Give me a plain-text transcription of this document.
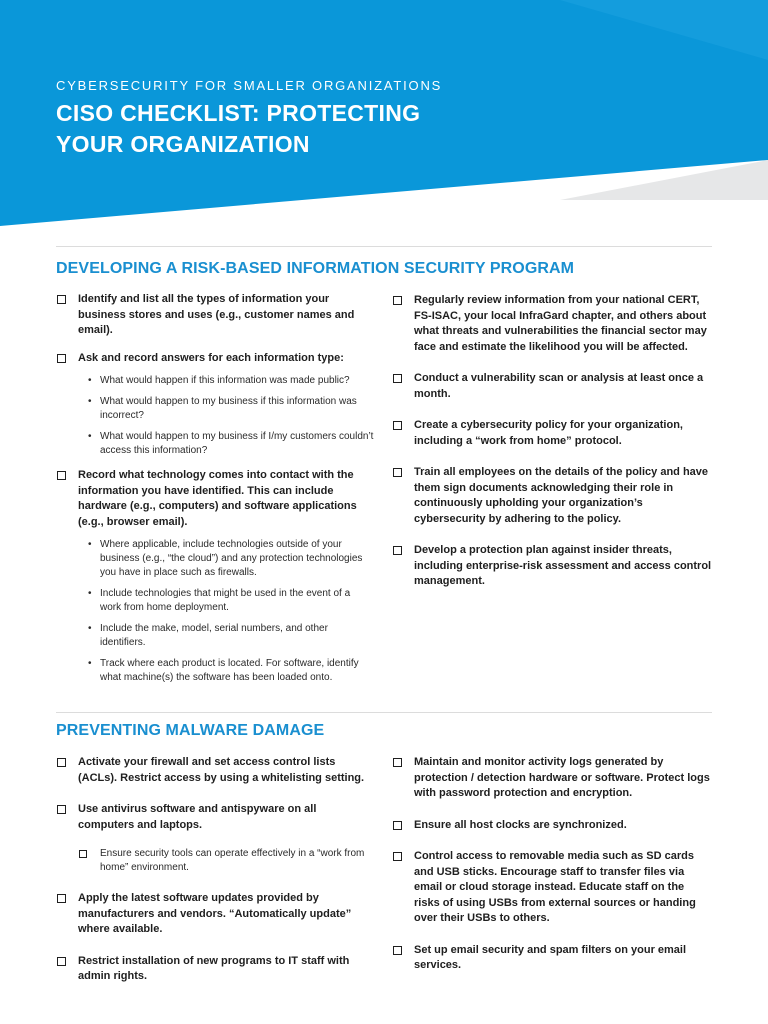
CYBERSECURITY FOR SMALLER ORGANIZATIONS
CISO CHECKLIST: PROTECTING
YOUR ORGANIZATION
DEVELOPING A RISK-BASED INFORMATION SECURITY PROGRAM
Identify and list all the types of information your business stores and uses (e.g., customer names and email).
Ask and record answers for each information type:
• What would happen if this information was made public?
• What would happen to my business if this information was incorrect?
• What would happen to my business if I/my customers couldn’t access this information?
Record what technology comes into contact with the information you have identified. This can include hardware (e.g., computers) and software applications (e.g., browser email).
• Where applicable, include technologies outside of your business (e.g., “the cloud”) and any protection technologies you have in place such as firewalls.
• Include technologies that might be used in the event of a work from home deployment.
• Include the make, model, serial numbers, and other identifiers.
• Track where each product is located. For software, identify what machine(s) the software has been loaded onto.
Regularly review information from your national CERT, FS-ISAC, your local InfraGard chapter, and others about what threats and vulnerabilities the financial sector may face and estimate the likelihood you will be affected.
Conduct a vulnerability scan or analysis at least once a month.
Create a cybersecurity policy for your organization, including a “work from home” protocol.
Train all employees on the details of the policy and have them sign documents acknowledging their role in continuously upholding your organization’s cybersecurity by adhering to the policy.
Develop a protection plan against insider threats, including enterprise-risk assessment and access control management.
PREVENTING MALWARE DAMAGE
Activate your firewall and set access control lists (ACLs). Restrict access by using a whitelisting setting.
Use antivirus software and antispyware on all computers and laptops.
Ensure security tools can operate effectively in a “work from home” environment.
Apply the latest software updates provided by manufacturers and vendors. “Automatically update” where available.
Restrict installation of new programs to IT staff with admin rights.
Maintain and monitor activity logs generated by protection / detection hardware or software. Protect logs with password protection and encryption.
Ensure all host clocks are synchronized.
Control access to removable media such as SD cards and USB sticks. Encourage staff to transfer files via email or cloud storage instead. Educate staff on the risks of using USBs from external sources or handing over their USBs to others.
Set up email security and spam filters on your email services.
